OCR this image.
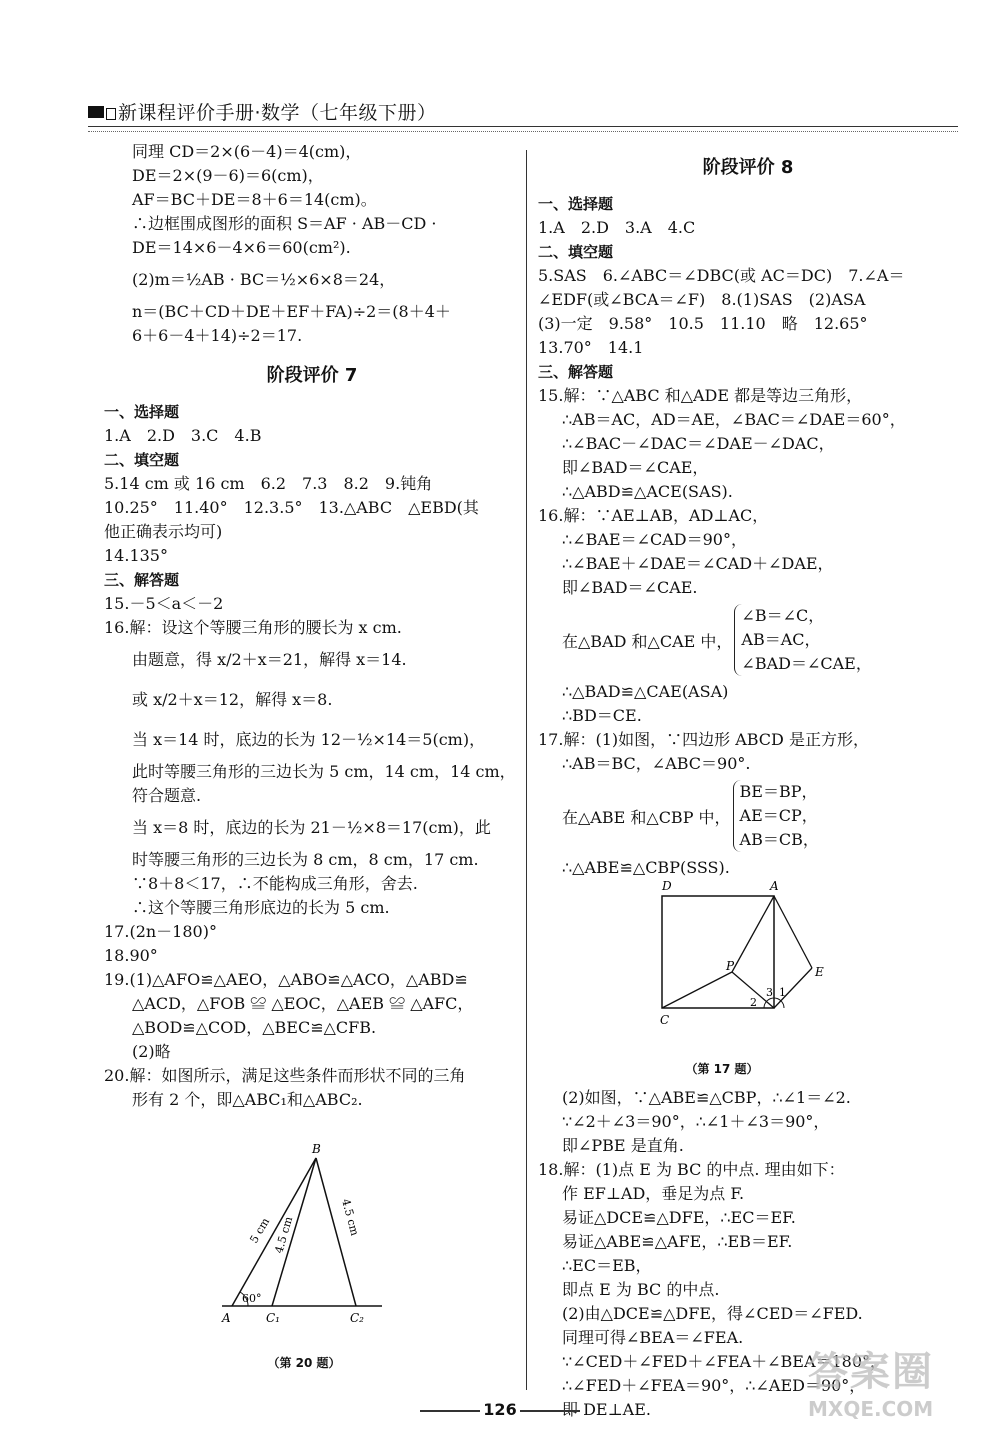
新课程评价手册·数学（七年级下册）
同理 CD＝2×(6－4)＝4(cm)，
DE＝2×(9－6)＝6(cm)，
AF＝BC＋DE＝8＋6＝14(cm)。
∴边框围成图形的面积 S＝AF · AB－CD ·
DE＝14×6－4×6＝60(cm²).
(2)m＝½AB · BC＝½×6×8＝24，
n＝(BC＋CD＋DE＋EF＋FA)÷2＝(8＋4＋
6＋6－4＋14)÷2＝17.
阶段评价 7
一、选择题
1.A　2.D　3.C　4.B
二、填空题
5.14 cm 或 16 cm　6.2　7.3　8.2　9.钝角
10.25°　11.40°　12.3.5°　13.△ABC　△EBD(其
他正确表示均可)
14.135°
三、解答题
15.－5＜a＜－2
16.解：设这个等腰三角形的腰长为 x cm.
由题意，得 x/2＋x＝21，解得 x＝14.
或 x/2＋x＝12，解得 x＝8.
当 x＝14 时，底边的长为 12－½×14＝5(cm)，
此时等腰三角形的三边长为 5 cm，14 cm，14 cm，
符合题意.
当 x＝8 时，底边的长为 21－½×8＝17(cm)，此
时等腰三角形的三边长为 8 cm，8 cm，17 cm.
∵8＋8＜17，∴不能构成三角形，舍去.
∴这个等腰三角形底边的长为 5 cm.
17.(2n－180)°
18.90°
19.(1)△AFO≌△AEO，△ABO≌△ACO，△ABD≌
△ACD，△FOB ≌ △EOC，△AEB ≌ △AFC，
△BOD≌△COD，△BEC≌△CFB.
(2)略
20.解：如图所示，满足这些条件而形状不同的三角
形有 2 个，即△ABC₁和△ABC₂.
B
A	C₁	C₂
60°
5 cm 4.5 cm	4.5 cm
（第 20 题）
阶段评价 8
一、选择题
1.A　2.D　3.A　4.C
二、填空题
5.SAS　6.∠ABC＝∠DBC(或 AC＝DC)　7.∠A＝
∠EDF(或∠BCA＝∠F)　8.(1)SAS　(2)ASA
(3)一定　9.58°　10.5　11.10　略　12.65°
13.70°　14.1
三、解答题
15.解：∵△ABC 和△ADE 都是等边三角形，
∴AB＝AC，AD＝AE，∠BAC＝∠DAE＝60°，
∴∠BAC－∠DAC＝∠DAE－∠DAC，
即∠BAD＝∠CAE，
∴△ABD≌△ACE(SAS).
16.解：∵AE⊥AB，AD⊥AC，
∴∠BAE＝∠CAD＝90°，
∴∠BAE＋∠DAE＝∠CAD＋∠DAE，
即∠BAD＝∠CAE.
在△BAD 和△CAE 中，
∠B＝∠C，
AB＝AC，
∠BAD＝∠CAE，
∴△BAD≌△CAE(ASA)
∴BD＝CE.
17.解：(1)如图，∵四边形 ABCD 是正方形，
∴AB＝BC，∠ABC＝90°.
在△ABE 和△CBP 中，
BE＝BP，
AE＝CP，
AB＝CB，
∴△ABE≌△CBP(SSS).
(2)如图，∵△ABE≌△CBP，∴∠1＝∠2.
∵∠2＋∠3＝90°，∴∠1＋∠3＝90°，
即∠PBE 是直角.
18.解：(1)点 E 为 BC 的中点. 理由如下：
作 EF⊥AD，垂足为点 F.
易证△DCE≌△DFE，∴EC＝EF.
易证△ABE≌△AFE，∴EB＝EF.
∴EC＝EB，
即点 E 为 BC 的中点.
(2)由△DCE≌△DFE，得∠CED＝∠FED.
同理可得∠BEA＝∠FEA.
∵∠CED＋∠FED＋∠FEA＋∠BEA＝180°，
∴∠FED＋∠FEA＝90°，∴∠AED＝90°，
即 DE⊥AE.
D	A
P	E
C
2
3 1
（第 17 题）
126
答案圈
MXQE.COM
